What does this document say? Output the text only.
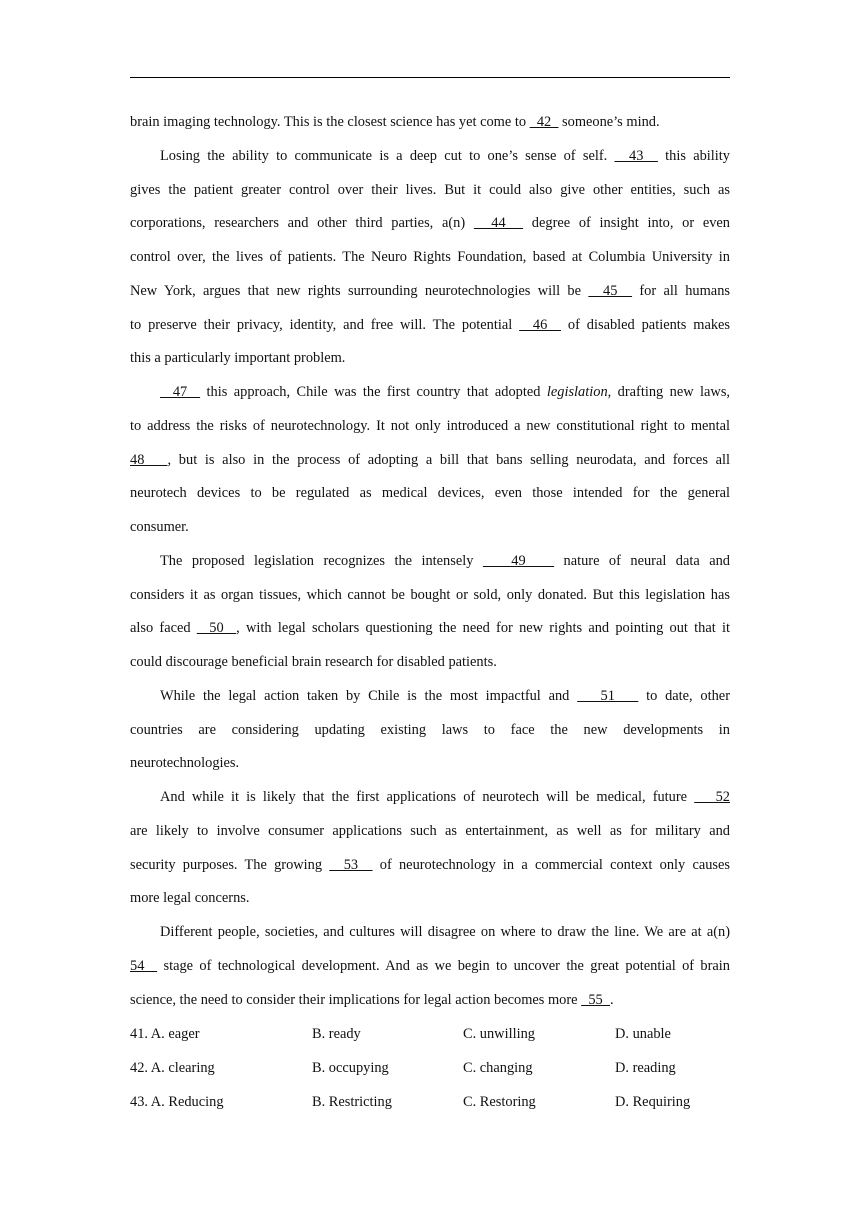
brain imaging technology. This is the closest science has yet come to   42   someone’s mind.
Losing the ability to communicate is a deep cut to one’s sense of self.   43   this ability
gives the patient greater control over their lives. But it could also give other entities, such as
corporations, researchers and other third parties, a(n)   44   degree of insight into, or even
control over, the lives of patients. The Neuro Rights Foundation, based at Columbia University in
New York, argues that new rights surrounding neurotechnologies will be   45   for all humans
to preserve their privacy, identity, and free will. The potential   46   of disabled patients makes
this a particularly important problem.
47   this approach, Chile was the first country that adopted legislation, drafting new laws,
to address the risks of neurotechnology. It not only introduced a new constitutional right to mental
48   , but is also in the process of adopting a bill that bans selling neurodata, and forces all
neurotech devices to be regulated as medical devices, even those intended for the general
consumer.
The proposed legislation recognizes the intensely    49    nature of neural data and
considers it as organ tissues, which cannot be bought or sold, only donated. But this legislation has
also faced   50  , with legal scholars questioning the need for new rights and pointing out that it
could discourage beneficial brain research for disabled patients.
While the legal action taken by Chile is the most impactful and    51    to date, other
countries are considering updating existing laws to face the new developments in
neurotechnologies.
And while it is likely that the first applications of neurotech will be medical, future    52
are likely to involve consumer applications such as entertainment, as well as for military and
security purposes. The growing   53   of neurotechnology in a commercial context only causes
more legal concerns.
Different people, societies, and cultures will disagree on where to draw the line. We are at a(n)
54   stage of technological development. And as we begin to uncover the great potential of brain
science, the need to consider their implications for legal action becomes more   55  .
41. A. eager	B. ready	C. unwilling	D. unable
42. A. clearing	B. occupying	C. changing	D. reading
43. A. Reducing	B. Restricting	C. Restoring	D. Requiring
